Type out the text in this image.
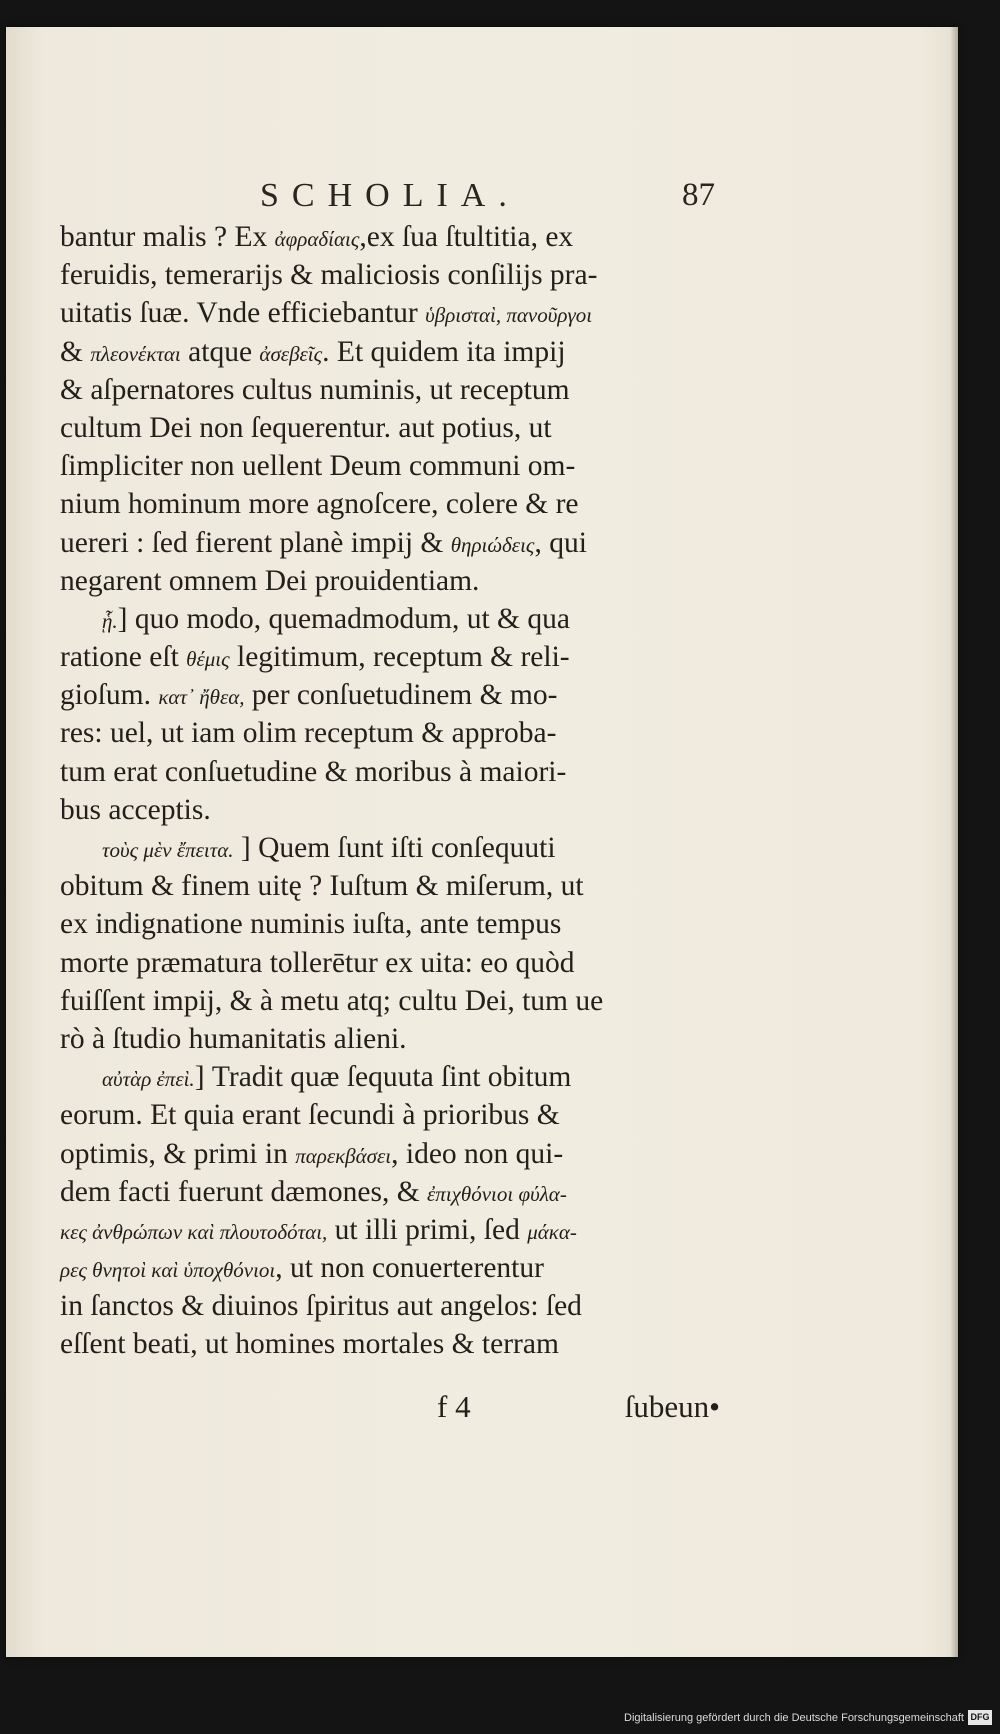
SCHOLIA.	87
bantur malis ? Ex ἀφραδίαις,ex ſua ſtultitia, ex
feruidis, temerarijs & maliciosis conſilijs pra-
uitatis ſuæ. Vnde efficiebantur ὑβρισταὶ, πανοῦργοι
& πλεονέκται atque ἀσεβεῖς. Et quidem ita impij
& aſpernatores cultus numinis, ut receptum
cultum Dei non ſequerentur. aut potius, ut
ſimpliciter non uellent Deum communi om-
nium hominum more agnoſcere, colere & re
uereri : ſed fierent planè impij & θηριώδεις, qui
negarent omnem Dei prouidentiam.
ᾗ.] quo modo, quemadmodum, ut & qua
ratione eſt θέμις legitimum, receptum & reli-
gioſum. κατ᾽ ἤθεα, per conſuetudinem & mo-
res: uel, ut iam olim receptum & approba-
tum erat conſuetudine & moribus à maiori-
bus acceptis.
τοὺς μὲν ἔπειτα. ] Quem ſunt iſti conſequuti
obitum & finem uitę ? Iuſtum & miſerum, ut
ex indignatione numinis iuſta, ante tempus
morte præmatura tollerētur ex uita: eo quòd
fuiſſent impij, & à metu atq; cultu Dei, tum ue
rò à ſtudio humanitatis alieni.
αὐτὰρ ἐπεὶ.] Tradit quæ ſequuta ſint obitum
eorum. Et quia erant ſecundi à prioribus &
optimis, & primi in παρεκβάσει, ideo non qui-
dem facti fuerunt dæmones, & ἐπιχθόνιοι φύλα-
κες ἀνθρώπων καὶ πλουτοδόται, ut illi primi, ſed μάκα-
ρες θνητοὶ καὶ ὑποχθόνιοι, ut non conuerterentur
in ſanctos & diuinos ſpiritus aut angelos: ſed
eſſent beati, ut homines mortales & terram
f 4	ſubeun•
Digitalisierung gefördert durch die Deutsche Forschungsgemeinschaft DFG
